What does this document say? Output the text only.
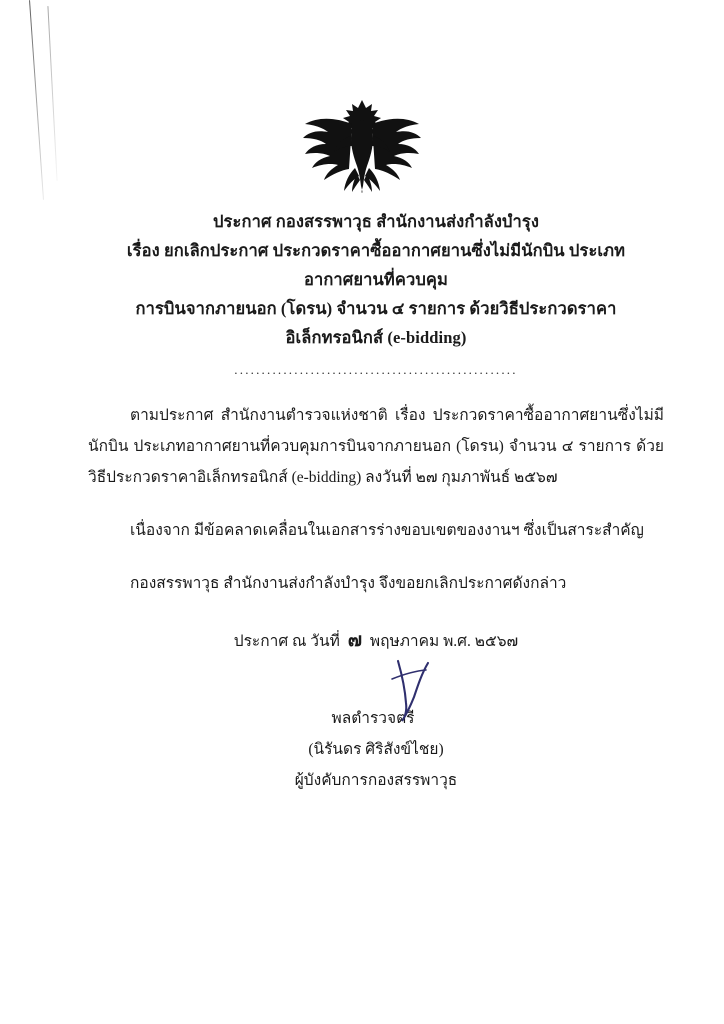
ประกาศ กองสรรพาวุธ สำนักงานส่งกำลังบำรุง
เรื่อง ยกเลิกประกาศ ประกวดราคาซื้ออากาศยานซึ่งไม่มีนักบิน ประเภทอากาศยานที่ควบคุม
การบินจากภายนอก (โดรน) จำนวน ๔ รายการ ด้วยวิธีประกวดราคาอิเล็กทรอนิกส์ (e-bidding)
....................................................
ตามประกาศ สำนักงานตำรวจแห่งชาติ เรื่อง ประกวดราคาซื้ออากาศยานซึ่งไม่มีนักบิน ประเภทอากาศยานที่ควบคุมการบินจากภายนอก (โดรน) จำนวน ๔ รายการ ด้วยวิธีประกวดราคาอิเล็กทรอนิกส์ (e-bidding) ลงวันที่ ๒๗ กุมภาพันธ์ ๒๕๖๗
เนื่องจาก มีข้อคลาดเคลื่อนในเอกสารร่างขอบเขตของงานฯ ซึ่งเป็นสาระสำคัญ
กองสรรพาวุธ สำนักงานส่งกำลังบำรุง จึงขอยกเลิกประกาศดังกล่าว
ประกาศ ณ วันที่ ๗ พฤษภาคม พ.ศ. ๒๕๖๗
พลตำรวจตรี
(นิรันดร ศิริสังข์ไชย)
ผู้บังคับการกองสรรพาวุธ
